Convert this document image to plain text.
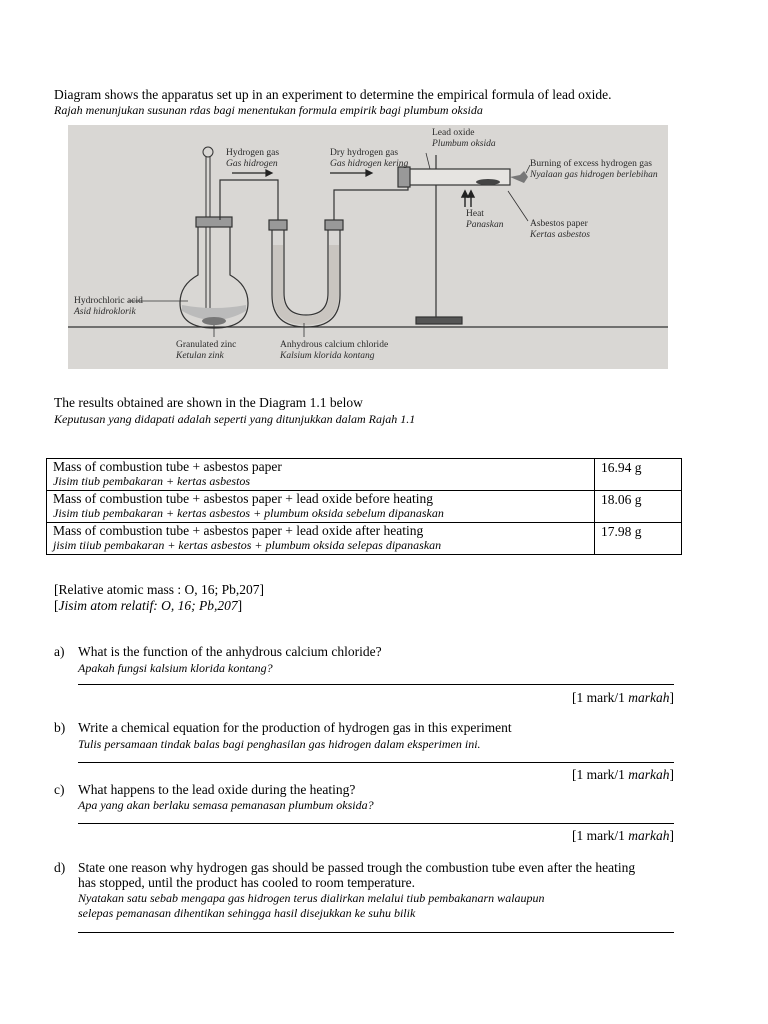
Diagram shows the apparatus set up in an experiment to determine the empirical formula of lead oxide.
Rajah menunjukan susunan rdas bagi menentukan formula empirik bagi plumbum oksida
Hydrogen gas
Gas hidrogen
Dry hydrogen gas
Gas hidrogen kering
Lead oxide
Plumbum oksida
Burning of excess hydrogen gas
Nyalaan gas hidrogen berlebihan
Heat
Panaskan	Asbestos paper
Kertas asbestos
Hydrochloric acid
Asid hidroklorik
Granulated zinc
Ketulan zink
Anhydrous calcium chloride
Kalsium klorida kontang
The results obtained are shown in the Diagram 1.1 below
Keputusan yang didapati adalah seperti yang ditunjukkan dalam Rajah 1.1
Mass of combustion tube + asbestos paper
Jisim tiub pembakaran + kertas asbestos	16.94 g

Mass of combustion tube + asbestos paper + lead oxide before heating
Jisim tiub pembakaran + kertas asbestos + plumbum oksida sebelum dipanaskan	18.06 g

Mass of combustion tube + asbestos paper + lead oxide after heating
jisim tiiub pembakaran + kertas asbestos + plumbum oksida selepas dipanaskan	17.98 g
[Relative atomic mass : O, 16; Pb,207]
[Jisim atom relatif: O, 16; Pb,207]
a) What is the function of the anhydrous calcium chloride?
Apakah fungsi kalsium klorida kontang?
[1 mark/1 markah]
b) Write a chemical equation for the production of hydrogen gas in this experiment
Tulis persamaan tindak balas bagi penghasilan gas hidrogen dalam eksperimen ini.
[1 mark/1 markah]
c) What happens to the lead oxide during the heating?
Apa yang akan berlaku semasa pemanasan plumbum oksida?
[1 mark/1 markah]
d) State one reason why hydrogen gas should be passed trough the combustion tube even after the heating
has stopped, until the product has cooled to room temperature.
Nyatakan satu sebab mengapa gas hidrogen terus dialirkan melalui tiub pembakanarn walaupun
selepas pemanasan dihentikan sehingga hasil disejukkan ke suhu bilik
